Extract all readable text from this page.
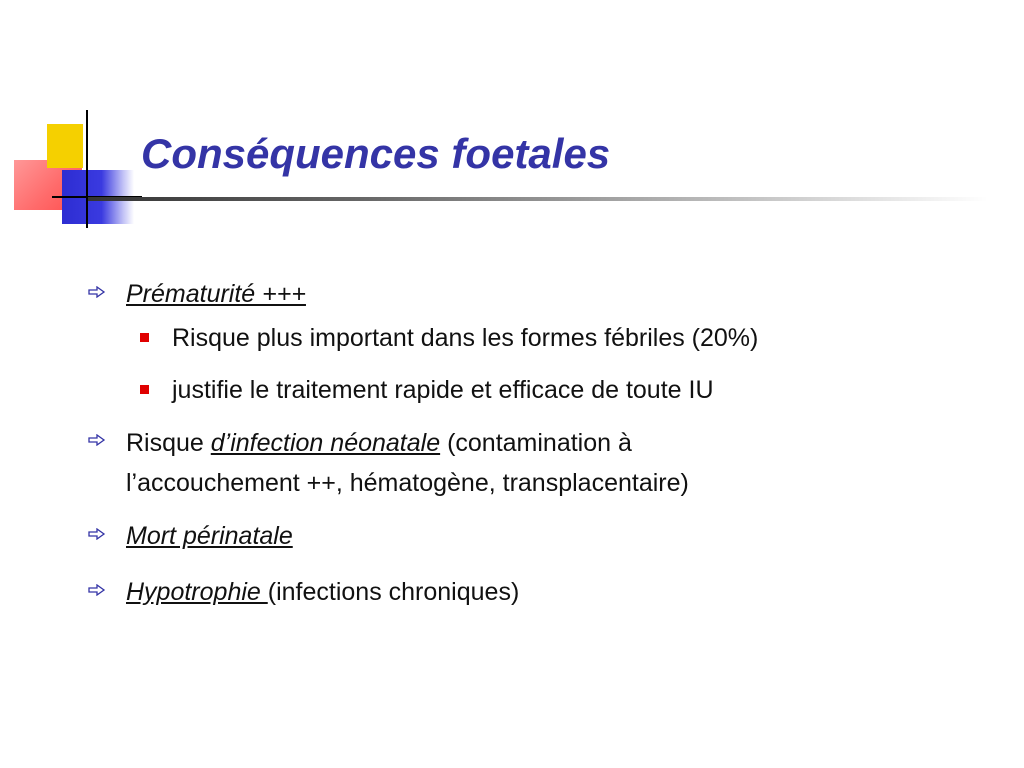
Conséquences foetales
Prématurité +++
Risque plus important dans les formes fébriles (20%)
justifie le traitement rapide et efficace de toute IU
Risque d’infection néonatale (contamination à
l’accouchement ++, hématogène, transplacentaire)
Mort périnatale
Hypotrophie (infections chroniques)
